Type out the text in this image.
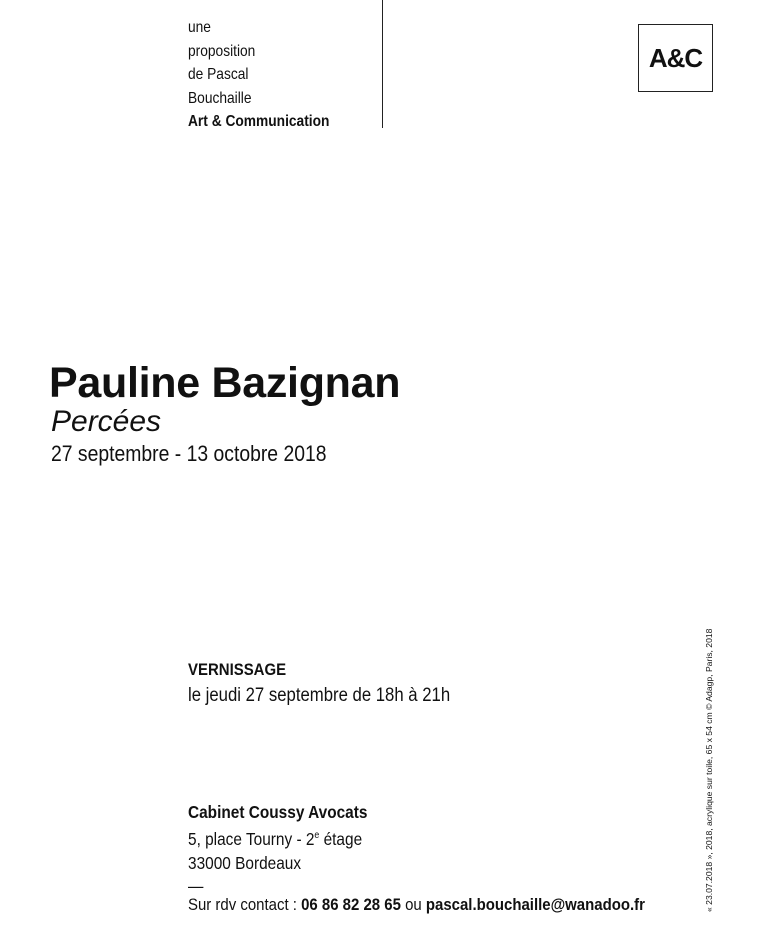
une
proposition
de Pascal
Bouchaille
Art & Communication
A&C
Pauline Bazignan
Percées
27 septembre - 13 octobre 2018
VERNISSAGE
le jeudi 27 septembre de 18h à 21h
Cabinet Coussy Avocats
5, place Tourny - 2e étage
33000 Bordeaux
—
Sur rdv contact : 06 86 82 28 65 ou pascal.bouchaille@wanadoo.fr	« 23.07.2018 », 2018, acrylique sur toile, 65 x 54 cm © Adagp, Paris, 2018
